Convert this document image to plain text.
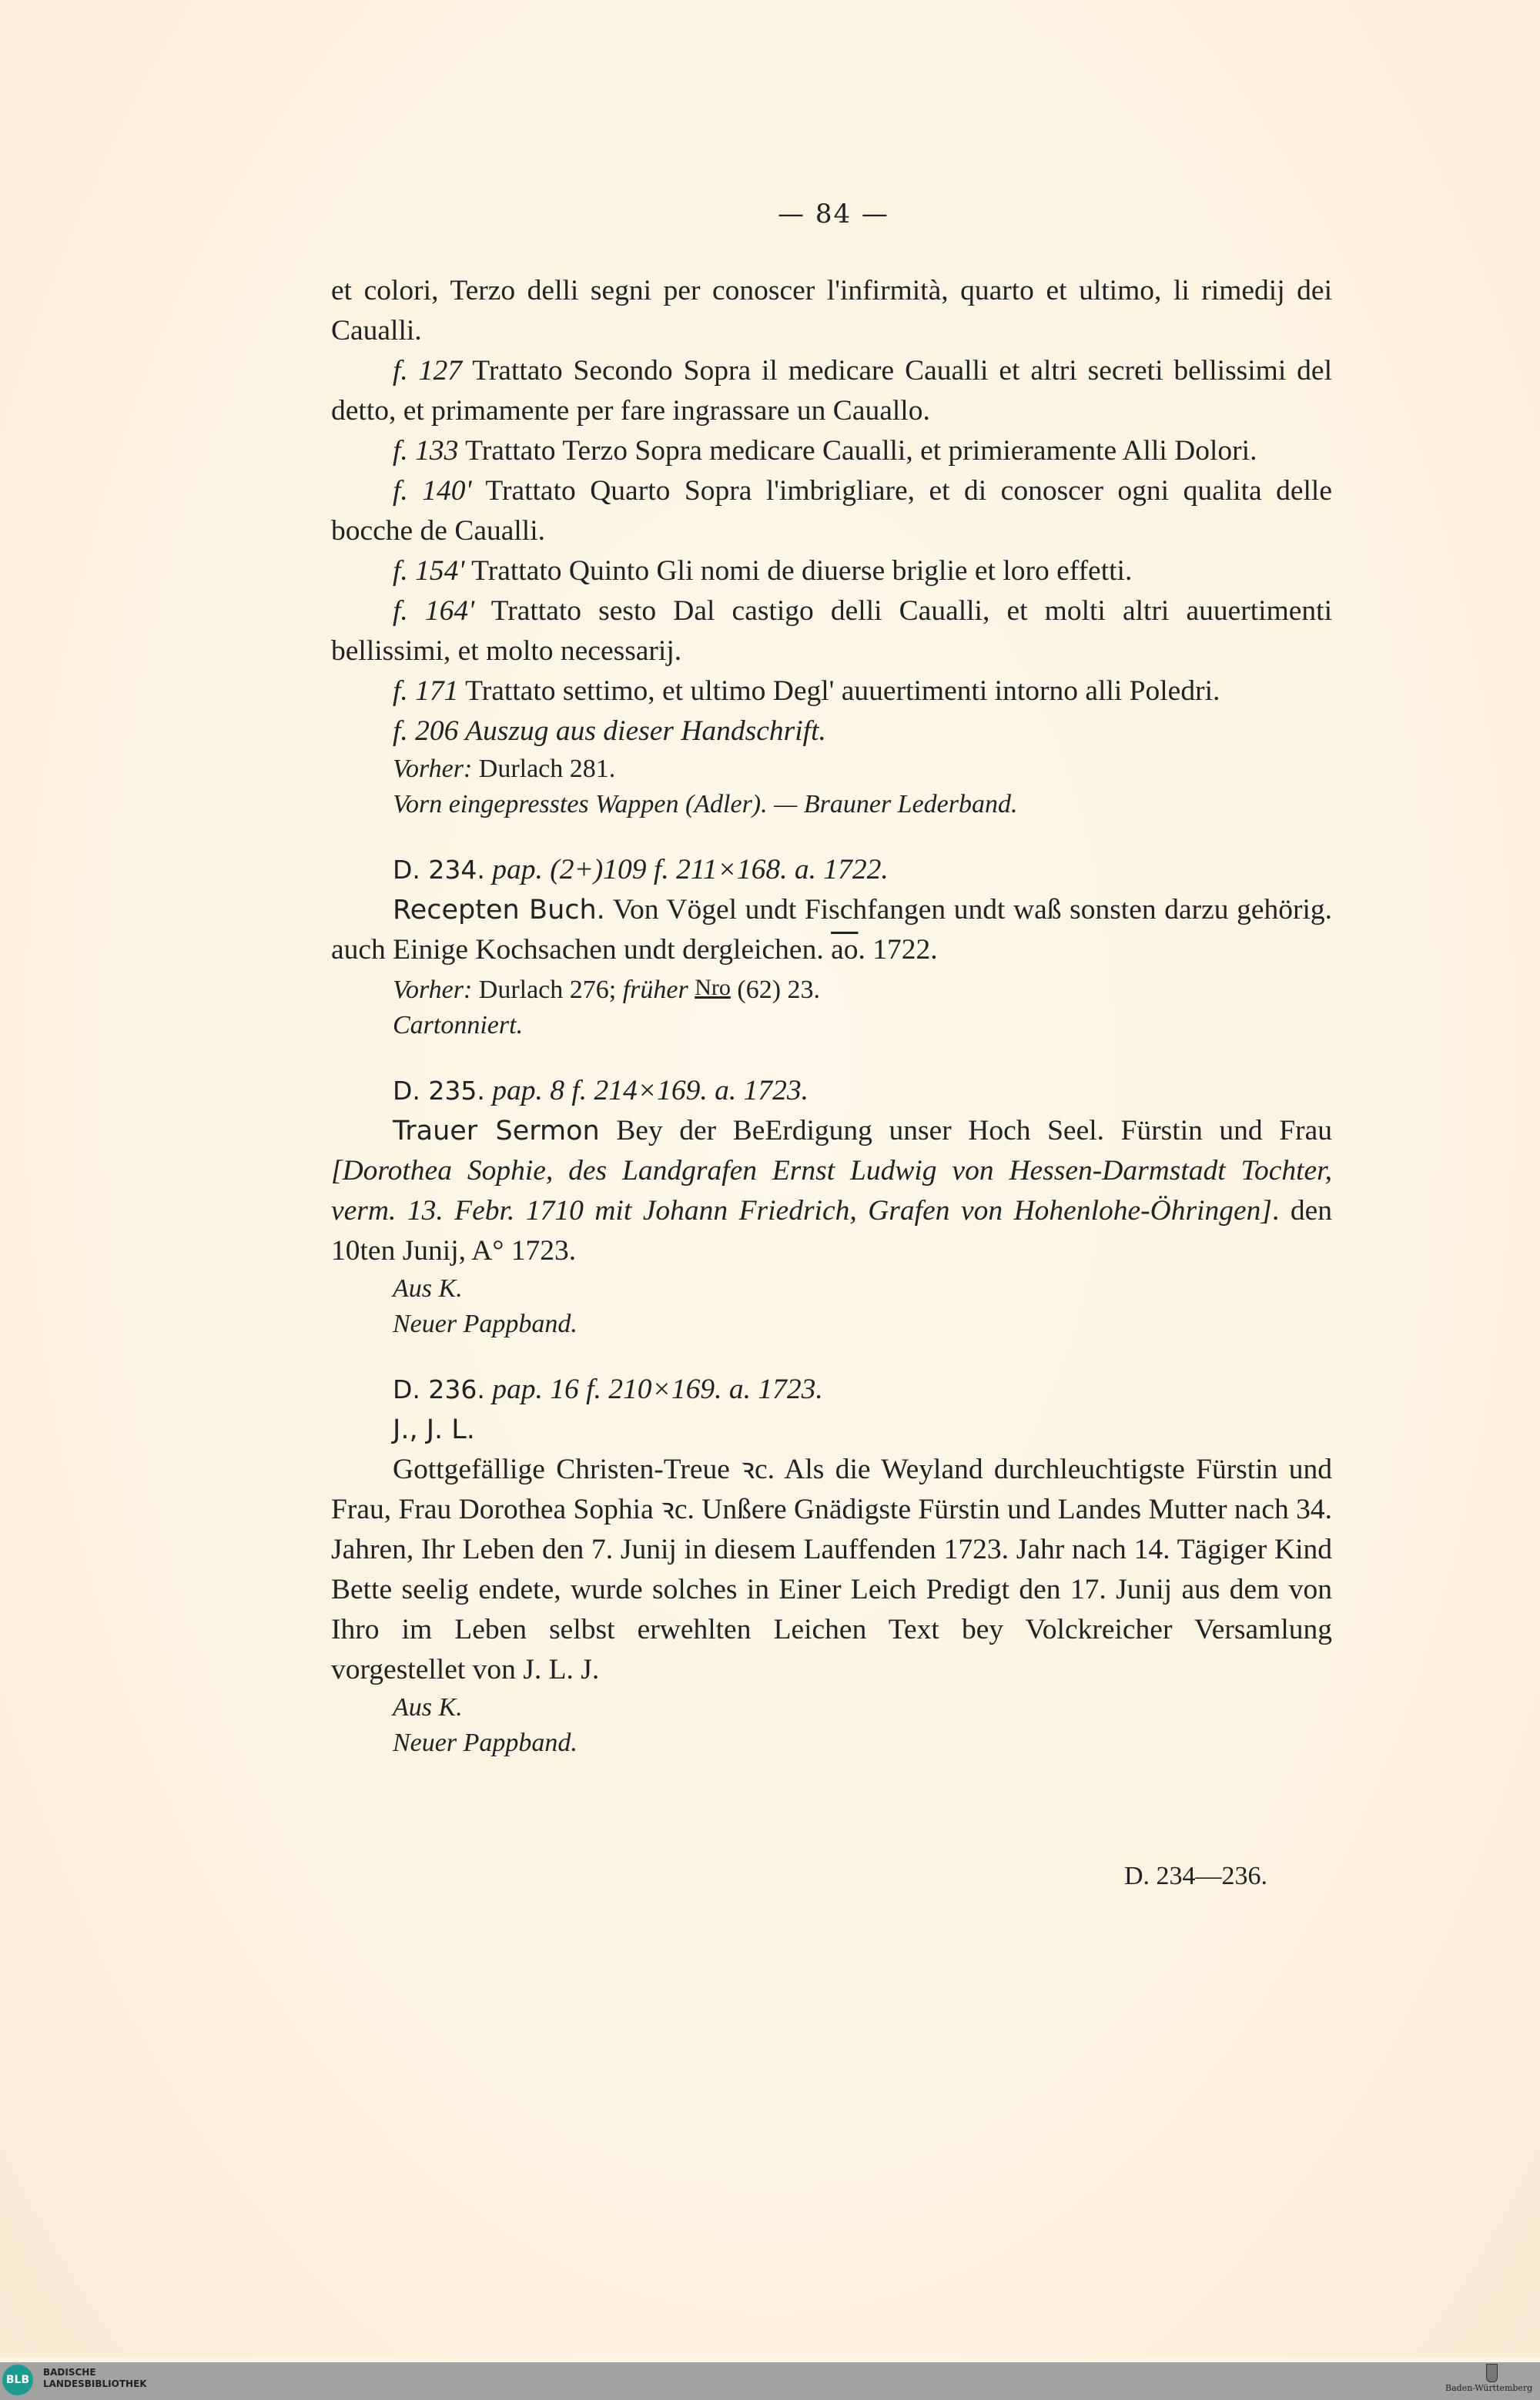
— 84 —

et colori, Terzo delli segni per conoscer l'infirmità, quarto et ultimo, li rimedij dei Caualli.

f. 127 Trattato Secondo Sopra il medicare Caualli et altri secreti bellissimi del detto, et primamente per fare ingrassare un Cauallo.

f. 133 Trattato Terzo Sopra medicare Caualli, et primieramente Alli Dolori.

f. 140' Trattato Quarto Sopra l'imbrigliare, et di conoscer ogni qualita delle bocche de Caualli.

f. 154' Trattato Quinto Gli nomi de diuerse briglie et loro effetti.

f. 164' Trattato sesto Dal castigo delli Caualli, et molti altri auuertimenti bellissimi, et molto necessarij.

f. 171 Trattato settimo, et ultimo Degl' auuertimenti intorno alli Poledri.

f. 206 Auszug aus dieser Handschrift.

Vorher: Durlach 281.

Vorn eingepresstes Wappen (Adler). — Brauner Lederband.

D. 234. pap. (2+)109 f. 211×168. a. 1722.

Recepten Buch. Von Vögel undt Fischfangen undt waß sonsten darzu gehörig. auch Einige Kochsachen undt dergleichen. $\overline{ao}$. 1722.

Vorher: Durlach 276; früher Nro (62) 23.

Cartonniert.

D. 235. pap. 8 f. 214×169. a. 1723.

Trauer Sermon Bey der BeErdigung unser Hoch Seel. Fürstin und Frau [Dorothea Sophie, des Landgrafen Ernst Ludwig von Hessen-Darmstadt Tochter, verm. 13. Febr. 1710 mit Johann Friedrich, Grafen von Hohenlohe-Öhringen]. den 10ten Junij, A° 1723.

Aus K.

Neuer Pappband.

D. 236. pap. 16 f. 210×169. a. 1723.

J., J. L.

Gottgefällige Christen-Treue ꝛc. Als die Weyland durchleuchtigste Fürstin und Frau, Frau Dorothea Sophia ꝛc. Unßere Gnädigste Fürstin und Landes Mutter nach 34. Jahren, Ihr Leben den 7. Junij in diesem Lauffenden 1723. Jahr nach 14. Tägiger Kind Bette seelig endete, wurde solches in Einer Leich Predigt den 17. Junij aus dem von Ihro im Leben selbst erwehlten Leichen Text bey Volckreicher Versamlung vorgestellet von J. L. J.

Aus K.

Neuer Pappband.

D. 234—236.
BLB
BADISCHE
LANDESBIBLIOTHEK	Baden-Württemberg
